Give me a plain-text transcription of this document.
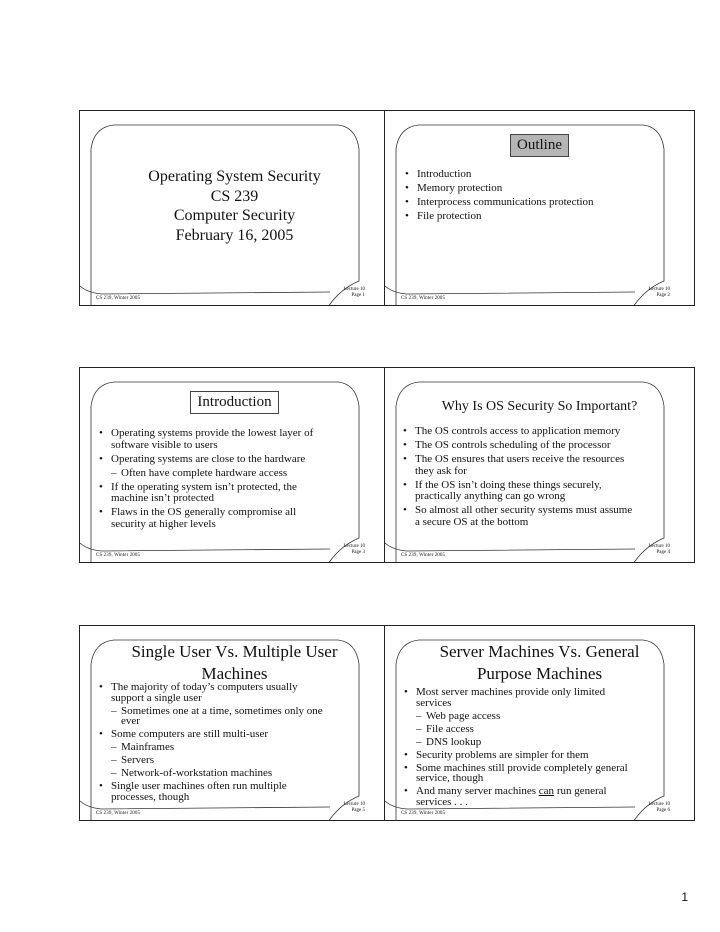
Operating System Security
CS 239
Computer Security
February 16, 2005
CS 239, Winter 2005
Lecture 10
Page 1
Outline
• Introduction
• Memory protection
• Interprocess communications protection
• File protection
CS 239, Winter 2005
Lecture 10
Page 2
Introduction
• Operating systems provide the lowest layer of software visible to users
• Operating systems are close to the hardware
– Often have complete hardware access
• If the operating system isn’t protected, the machine isn’t protected
• Flaws in the OS generally compromise all security at higher levels
CS 239, Winter 2005
Lecture 10
Page 3
Why Is OS Security So Important?
• The OS controls access to application memory
• The OS controls scheduling of the processor
• The OS ensures that users receive the resources they ask for
• If the OS isn’t doing these things securely, practically anything can go wrong
• So almost all other security systems must assume a secure OS at the bottom
CS 239, Winter 2005
Lecture 10
Page 4
Single User Vs. Multiple User
Machines
• The majority of today’s computers usually support a single user
– Sometimes one at a time, sometimes only one ever
• Some computers are still multi-user
– Mainframes
– Servers
– Network-of-workstation machines
• Single user machines often run multiple processes, though
CS 239, Winter 2005
Lecture 10
Page 5
Server Machines Vs. General
Purpose Machines
• Most server machines provide only limited services
– Web page access
– File access
– DNS lookup
• Security problems are simpler for them
• Some machines still provide completely general service, though
• And many server machines can run general services . . .
CS 239, Winter 2005
Lecture 10
Page 6
1
